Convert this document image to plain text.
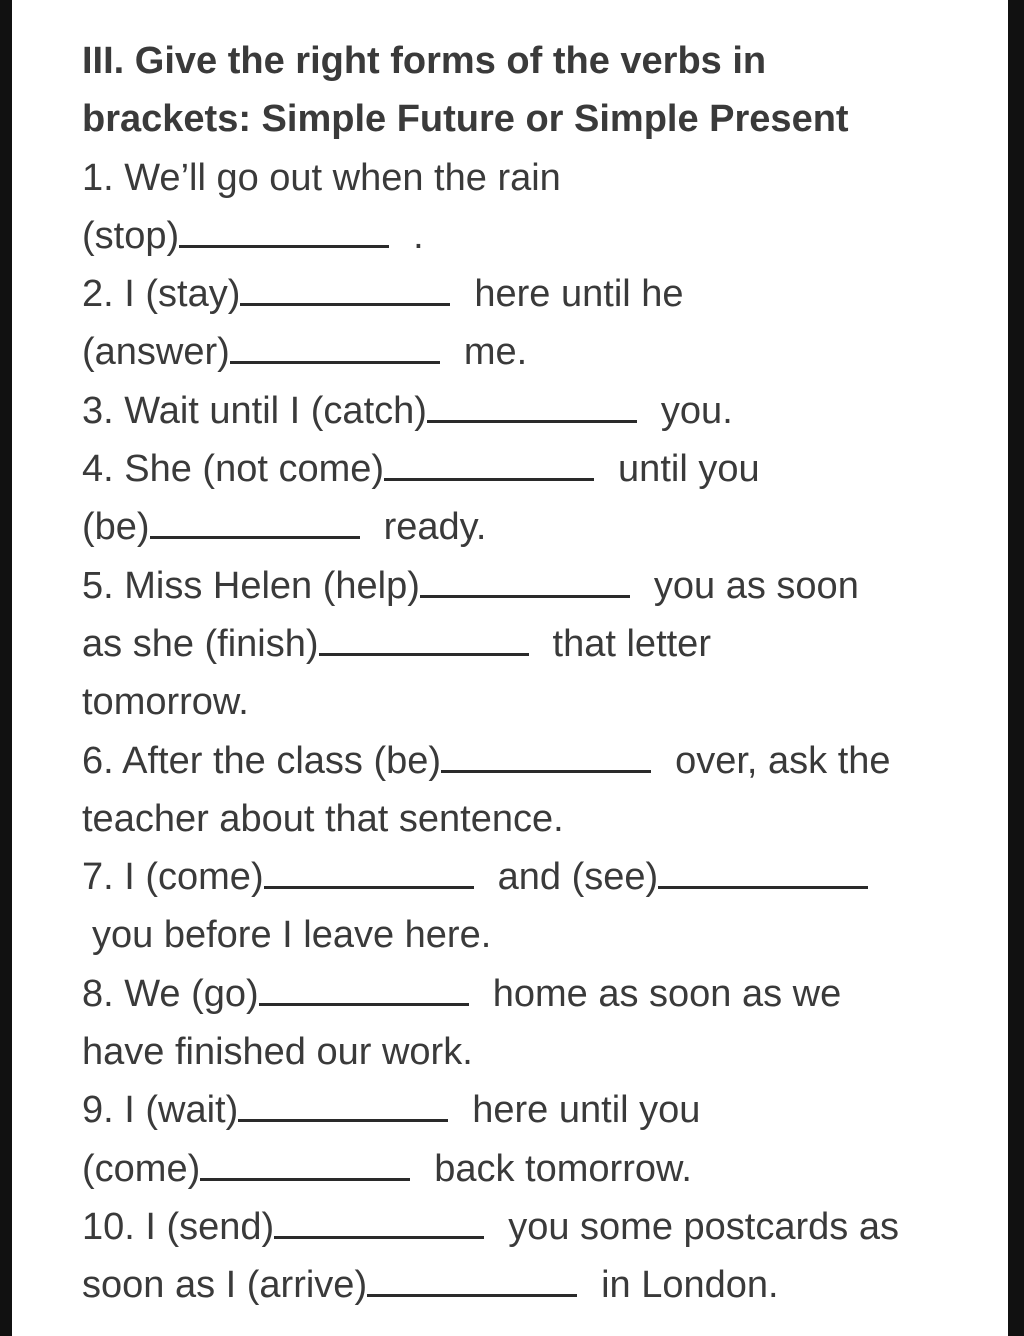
III. Give the right forms of the verbs in
brackets: Simple Future or Simple Present
1. We’ll go out when the rain
(stop)	.
2. I (stay)	here until he
(answer)	me.
3. Wait until I (catch)	you.
4. She (not come)	until you
(be)	ready.
5. Miss Helen (help)	you as soon
as she (finish)	that letter
tomorrow.
6. After the class (be)	over, ask the
teacher about that sentence.
7. I (come)	and (see)
you before I leave here.
8. We (go)	home as soon as we
have finished our work.
9. I (wait)	here until you
(come)	back tomorrow.
10. I (send)	you some postcards as
soon as I (arrive)	in London.
